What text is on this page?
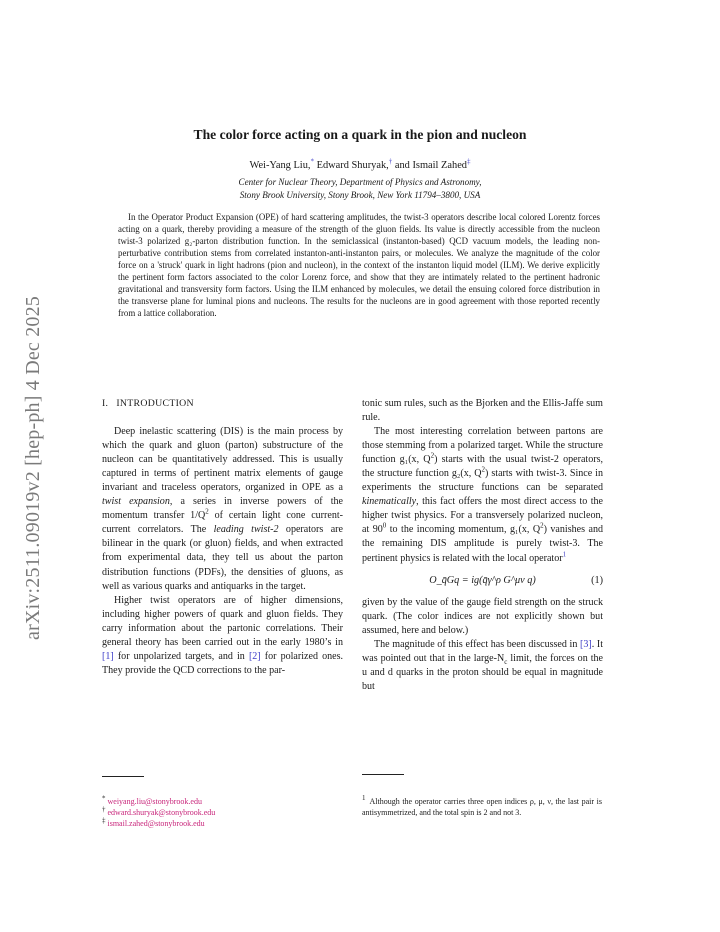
arXiv:2511.09019v2 [hep-ph] 4 Dec 2025
The color force acting on a quark in the pion and nucleon
Wei-Yang Liu,* Edward Shuryak,† and Ismail Zahed‡
Center for Nuclear Theory, Department of Physics and Astronomy,
Stony Brook University, Stony Brook, New York 11794–3800, USA

In the Operator Product Expansion (OPE) of hard scattering amplitudes, the twist-3 operators describe local colored Lorentz forces acting on a quark, thereby providing a measure of the strength of the gluon fields. Its value is directly accessible from the nucleon twist-3 polarized g₂-parton distribution function. In the semiclassical (instanton-based) QCD vacuum models, the leading non-perturbative contribution stems from correlated instanton-anti-instanton pairs, or molecules. We analyze the magnitude of the color force on a 'struck' quark in light hadrons (pion and nucleon), in the context of the instanton liquid model (ILM). We derive explicitly the pertinent form factors associated to the color Lorenz force, and show that they are intimately related to the pertinent hadronic gravitational and transversity form factors. Using the ILM enhanced by molecules, we detail the ensuing colored force distribution in the transverse plane for luminal pions and nucleons. The results for the nucleons are in good agreement with those reported recently from a lattice collaboration.

I. INTRODUCTION

Deep inelastic scattering (DIS) is the main process by which the quark and gluon (parton) substructure of the nucleon can be quantitatively addressed. This is usually captured in terms of pertinent matrix elements of gauge invariant and traceless operators, organized in OPE as a twist expansion, a series in inverse powers of the momentum transfer $1/Q^2$ of certain light cone current-current correlators. The leading twist-2 operators are bilinear in the quark (or gluon) fields, and when extracted from experimental data, they tell us about the parton distribution functions (PDFs), the densities of gluons, as well as various quarks and antiquarks in the target.

Higher twist operators are of higher dimensions, including higher powers of quark and gluon fields. They carry information about the partonic correlations. Their general theory has been carried out in the early 1980’s in [1] for unpolarized targets, and in [2] for polarized ones. They provide the QCD corrections to the par-

tonic sum rules, such as the Bjorken and the Ellis-Jaffe sum rule.

The most interesting correlation between partons are those stemming from a polarized target. While the structure function g₁(x, $Q^2$) starts with the usual twist-2 operators, the structure function g₂(x, $Q^2$) starts with twist-3. Since in experiments the structure functions can be separated kinematically, this fact offers the most direct access to the higher twist physics. For a transversely polarized nucleon, at $90^0$ to the incoming momentum, g₁(x, $Q^2$) vanishes and the remaining DIS amplitude is purely twist-3. The pertinent physics is related with the local operator$^1$

O_q̄Gq = ig(q̄γ^ρ G^μν q)	(1)

given by the value of the gauge field strength on the struck quark. (The color indices are not explicitly shown but assumed, here and below.)

The magnitude of this effect has been discussed in [3]. It was pointed out that in the large-$N_c$ limit, the forces on the u and d quarks in the proton should be equal in magnitude but

* weiyang.liu@stonybrook.edu
† edward.shuryak@stonybrook.edu
‡ ismail.zahed@stonybrook.edu
$^1$ Although the operator carries three open indices ρ, μ, ν, the last pair is antisymmetrized, and the total spin is 2 and not 3.
